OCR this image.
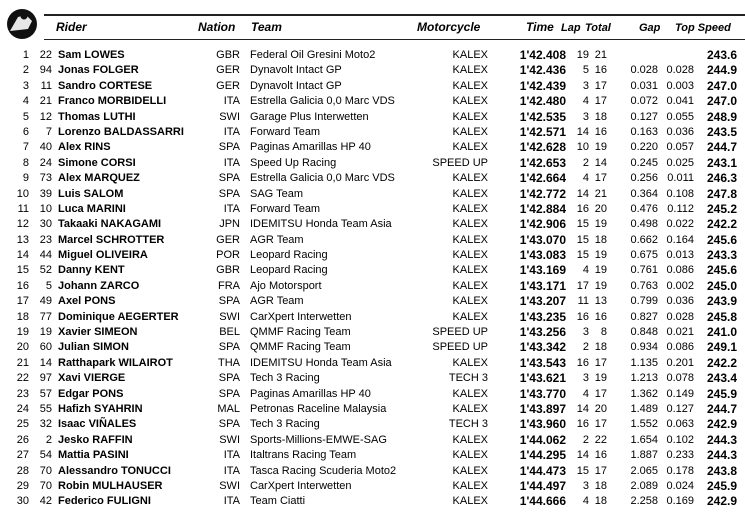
Rider	Nation Team	Motorcycle	Time Lap Total	Gap Top Speed
1 22 Sam LOWES	GBR Federal Oil Gresini Moto2	KALEX	1'42.408 19 21	243.6
2 94 Jonas FOLGER	GER Dynavolt Intact GP	KALEX	1'42.436 5 16 0.028 0.028 244.9
3 11 Sandro CORTESE	GER Dynavolt Intact GP	KALEX	1'42.439 3 17 0.031 0.003 247.0
4 21 Franco MORBIDELLI	ITA Estrella Galicia 0,0 Marc VDS	KALEX	1'42.480 4 17 0.072 0.041 247.0
5 12 Thomas LUTHI	SWI Garage Plus Interwetten	KALEX	1'42.535 3 18 0.127 0.055 248.9
6 7 Lorenzo BALDASSARRI	ITA Forward Team	KALEX	1'42.571 14 16 0.163 0.036 243.5
7 40 Alex RINS	SPA Paginas Amarillas HP 40	KALEX	1'42.628 10 19 0.220 0.057 244.7
8 24 Simone CORSI	ITA Speed Up Racing	SPEED UP	1'42.653 2 14 0.245 0.025 243.1
9 73 Alex MARQUEZ	SPA Estrella Galicia 0,0 Marc VDS	KALEX	1'42.664 4 17 0.256 0.011 246.3
10 39 Luis SALOM	SPA SAG Team	KALEX	1'42.772 14 21 0.364 0.108 247.8
11 10 Luca MARINI	ITA Forward Team	KALEX	1'42.884 16 20 0.476 0.112 245.2
12 30 Takaaki NAKAGAMI	JPN IDEMITSU Honda Team Asia	KALEX	1'42.906 15 19 0.498 0.022 242.2
13 23 Marcel SCHROTTER	GER AGR Team	KALEX	1'43.070 15 18 0.662 0.164 245.6
14 44 Miguel OLIVEIRA	POR Leopard Racing	KALEX	1'43.083 15 19 0.675 0.013 243.3
15 52 Danny KENT	GBR Leopard Racing	KALEX	1'43.169 4 19 0.761 0.086 245.6
16 5 Johann ZARCO	FRA Ajo Motorsport	KALEX	1'43.171 17 19 0.763 0.002 245.0
17 49 Axel PONS	SPA AGR Team	KALEX	1'43.207 11 13 0.799 0.036 243.9
18 77 Dominique AEGERTER	SWI CarXpert Interwetten	KALEX	1'43.235 16 16 0.827 0.028 245.8
19 19 Xavier SIMEON	BEL QMMF Racing Team	SPEED UP	1'43.256 3 8 0.848 0.021 241.0
20 60 Julian SIMON	SPA QMMF Racing Team	SPEED UP	1'43.342 2 18 0.934 0.086 249.1
21 14 Ratthapark WILAIROT	THA IDEMITSU Honda Team Asia	KALEX	1'43.543 16 17 1.135 0.201 242.2
22 97 Xavi VIERGE	SPA Tech 3 Racing	TECH 3	1'43.621 3 19 1.213 0.078 243.4
23 57 Edgar PONS	SPA Paginas Amarillas HP 40	KALEX	1'43.770 4 17 1.362 0.149 245.9
24 55 Hafizh SYAHRIN	MAL Petronas Raceline Malaysia	KALEX	1'43.897 14 20 1.489 0.127 244.7
25 32 Isaac VIÑALES	SPA Tech 3 Racing	TECH 3	1'43.960 16 17 1.552 0.063 242.9
26 2 Jesko RAFFIN	SWI Sports-Millions-EMWE-SAG	KALEX	1'44.062 2 22 1.654 0.102 244.3
27 54 Mattia PASINI	ITA Italtrans Racing Team	KALEX	1'44.295 14 16 1.887 0.233 244.3
28 70 Alessandro TONUCCI	ITA Tasca Racing Scuderia Moto2	KALEX	1'44.473 15 17 2.065 0.178 243.8
29 70 Robin MULHAUSER	SWI CarXpert Interwetten	KALEX	1'44.497 3 18 2.089 0.024 245.9
30 42 Federico FULIGNI	ITA Team Ciatti	KALEX	1'44.666 4 18 2.258 0.169 242.9
